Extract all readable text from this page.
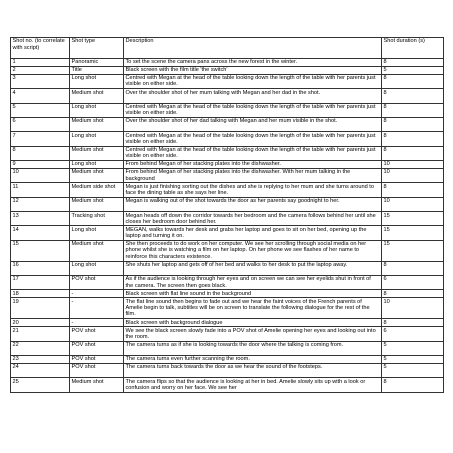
Shot no. (to correlate with script)	Shot type	Description	Shot duration (s)
1	Panoramic	To set the scene the camera pans across the new forest in the winter.	8
2	Title	Black screen with the film title 'the switch'	5
3	Long shot	Centred with Megan at the head of the table looking down the length of the table with her parents just visible on either side.	8
4	Medium shot	Over the shoulder shot of her mum talking with Megan and her dad in the shot.	8
5	Long shot	Centred with Megan at the head of the table looking down the length of the table with her parents just visible on either side.	8
6	Medium shot	Over the shoulder shot of her dad talking with Megan and her mum visible in the shot.	8
7	Long shot	Centred with Megan at the head of the table looking down the length of the table with her parents just visible on either side.	8
8	Medium shot	Centred with Megan at the head of the table looking down the length of the table with her parents just visible on either side.	8
9	Long shot	From behind Megan of her stacking plates into the dishwasher.	10
10	Medium shot	From behind Megan of her stacking plates into the dishwasher. With her mum talking in the background	10
11	Medium side shot	Megan is just finishing sorting out the dishes and she is replying to her mum and she turns around to face the dining table as she says her line.	8
12	Medium shot	Megan is walking out of the shot towards the door as her parents say goodnight to her.	10
13	Tracking shot	Megan heads off down the corridor towards her bedroom and the camera follows behind her until she closes her bedroom door behind her.	15
14	Long shot	MEGAN, walks towards her desk and grabs her laptop and goes to sit on her bed, opening up the laptop and turning it on.	15
15	Medium shot	She then proceeds to do work on her computer. We see her scrolling through social media on her phone whilst she is watching a film on her laptop. On her phone we see flashes of her name to reinforce this characters existence.	15
16	Long shot	She shuts her laptop and gets off of her bed and walks to her desk to put the laptop away.	8
17	POV shot	As if the audience is looking through her eyes and on screen we can see her eyelids shut in front of the camera. The screen then goes black.	6
18	-	Black screen with flat line sound in the background	8
19	-	The flat line sound then begins to fade out and we hear the faint voices of the French parents of Amelie begin to talk, subtitles will be on screen to translate the following dialogue for the rest of the film.	10
20	-	Black screen with background dialogue	8
21	POV shot	We see the black screen slowly fade into a POV shot of Amelie opening her eyes and looking out into the room.	6
22	POV shot	The camera turns as if she is looking towards the door where the talking is coming from.	5
23	POV shot	The camera turns even further scanning the room.	5
24	POV shot	The camera turns back towards the door as we hear the sound of the footsteps.	5
25	Medium shot	The camera flips so that the audience is looking at her in bed. Amelie slowly sits up with a look or confusion and worry on her face. We see her	8
